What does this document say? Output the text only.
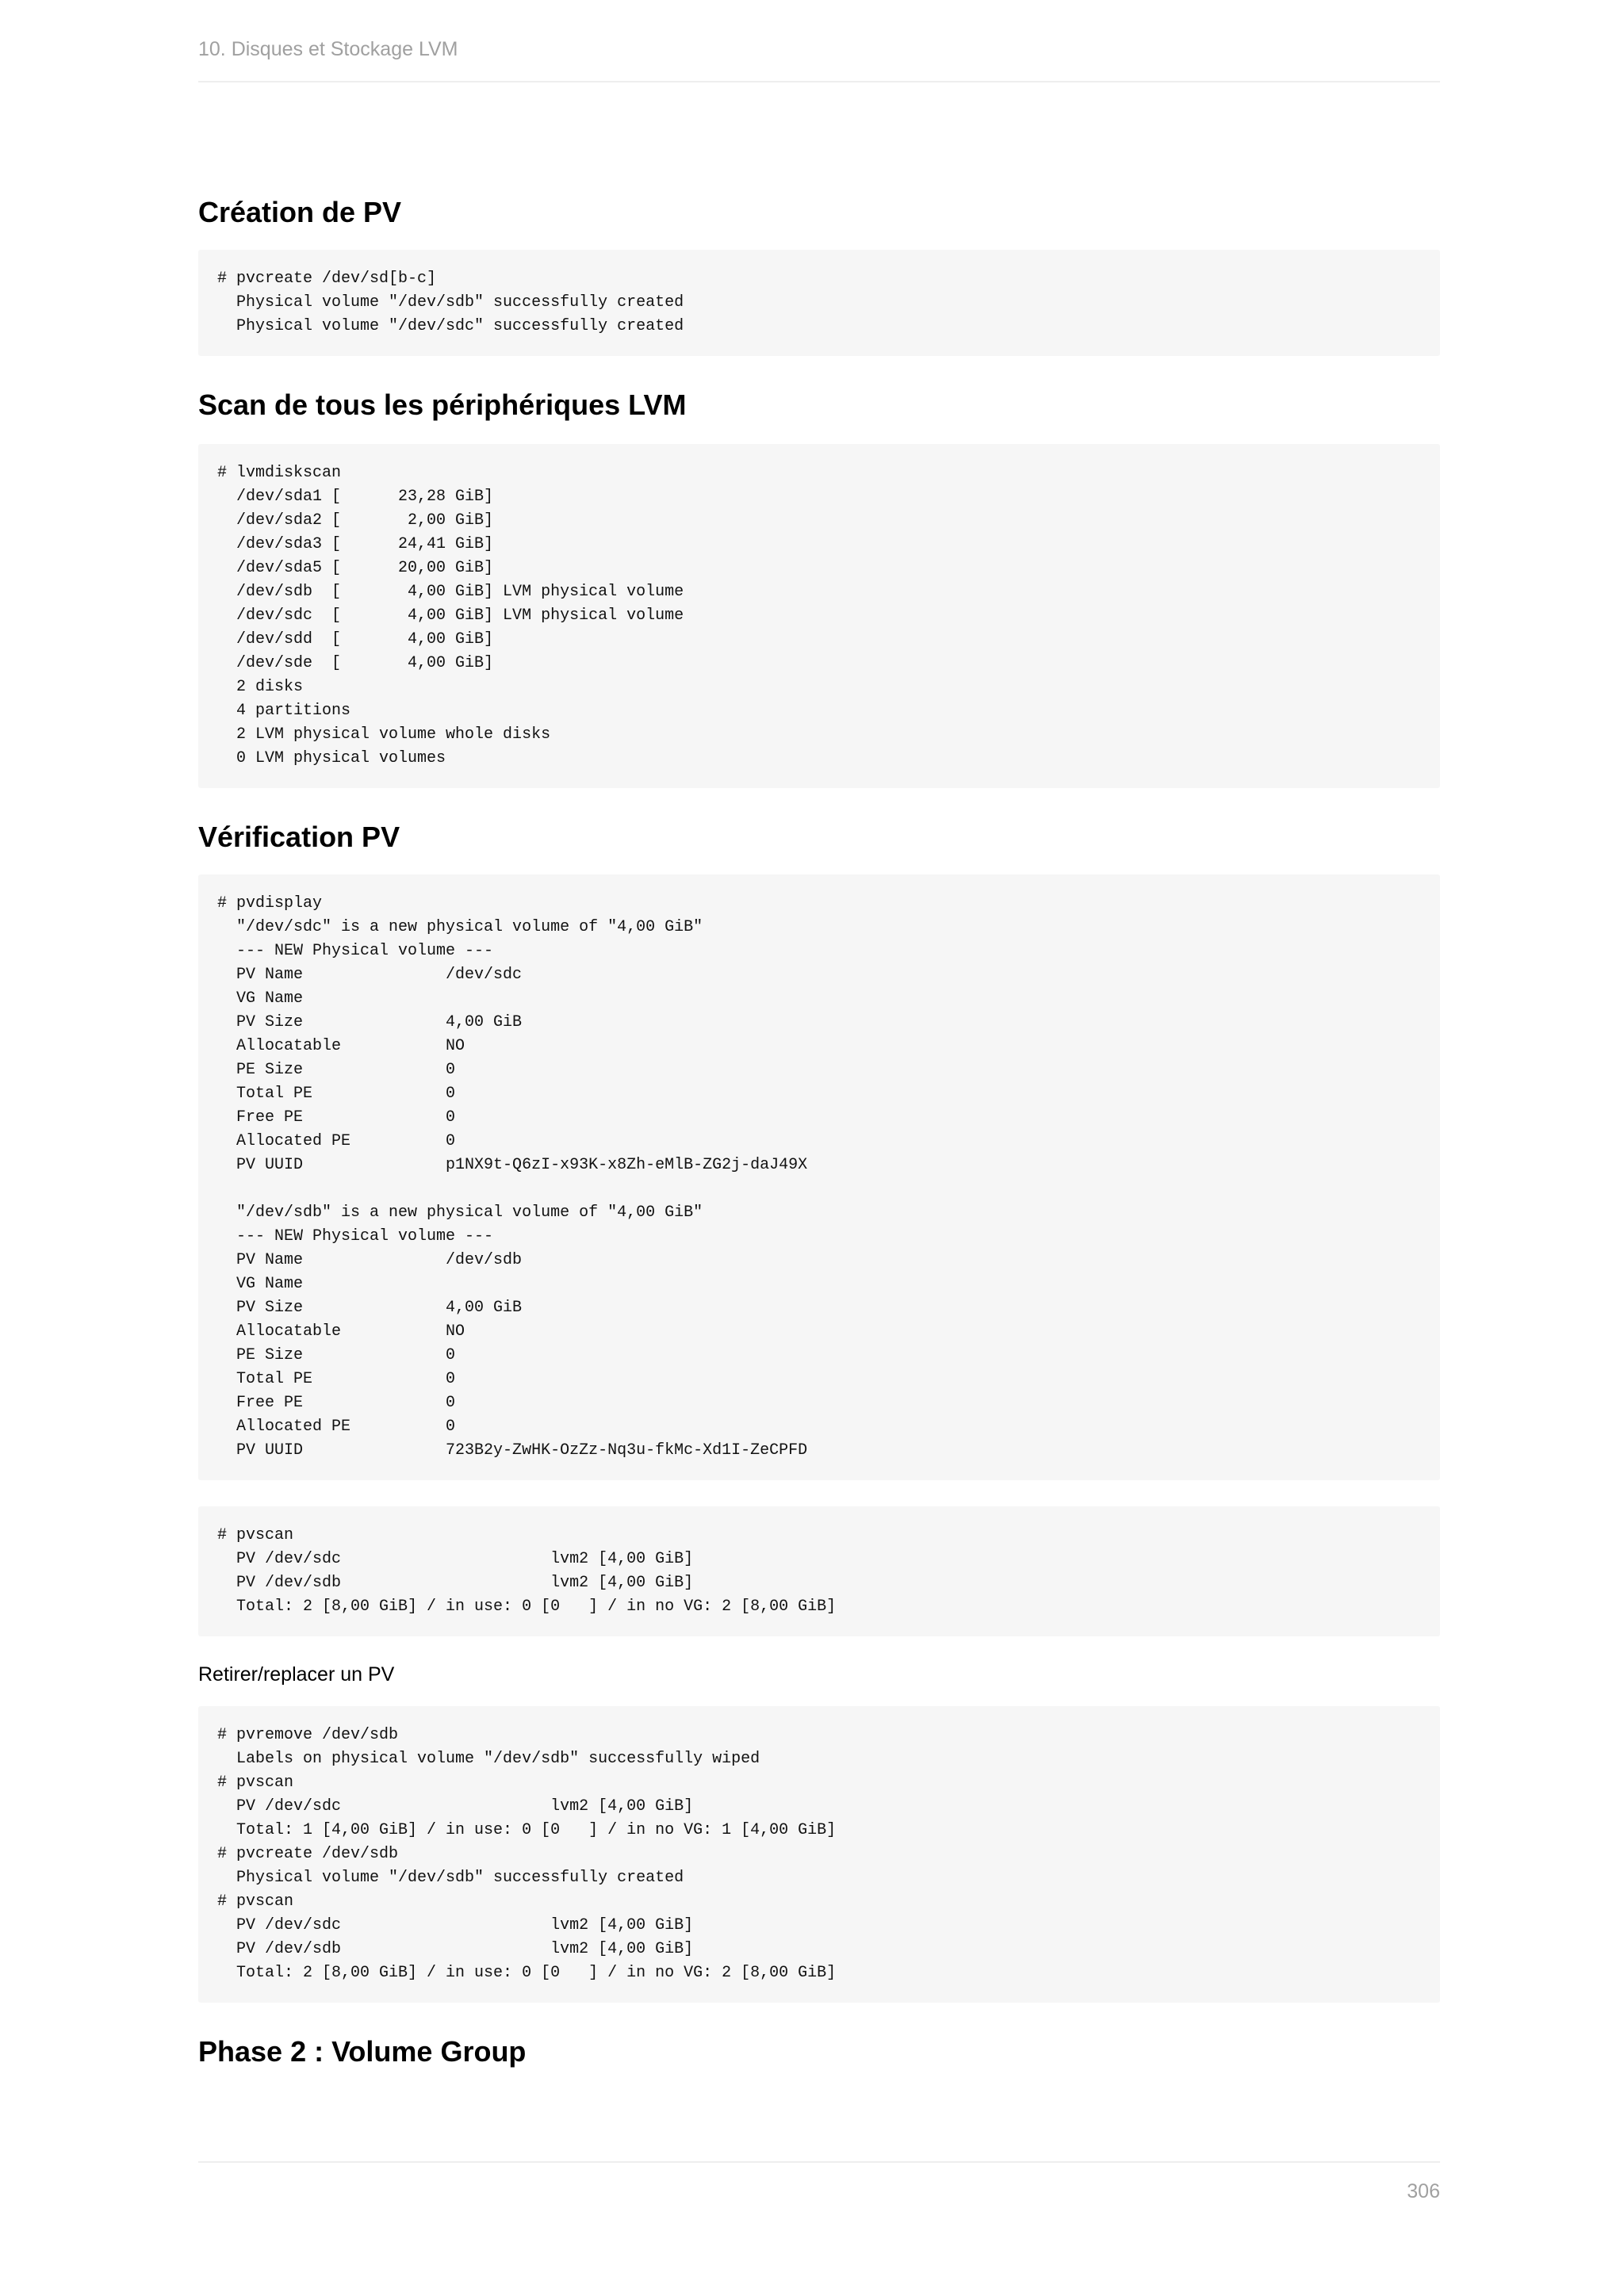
10. Disques et Stockage LVM
Création de PV
# pvcreate /dev/sd[b-c]
Physical volume "/dev/sdb" successfully created
Physical volume "/dev/sdc" successfully created
Scan de tous les périphériques LVM
# lvmdiskscan
/dev/sda1 [      23,28 GiB]
/dev/sda2 [       2,00 GiB]
/dev/sda3 [      24,41 GiB]
/dev/sda5 [      20,00 GiB]
/dev/sdb  [       4,00 GiB] LVM physical volume
/dev/sdc  [       4,00 GiB] LVM physical volume
/dev/sdd  [       4,00 GiB]
/dev/sde  [       4,00 GiB]
2 disks
4 partitions
2 LVM physical volume whole disks
0 LVM physical volumes
Vérification PV
# pvdisplay
"/dev/sdc" is a new physical volume of "4,00 GiB"
--- NEW Physical volume ---
PV Name               /dev/sdc
VG Name
PV Size               4,00 GiB
Allocatable           NO
PE Size               0
Total PE              0
Free PE               0
Allocated PE          0
PV UUID               p1NX9t-Q6zI-x93K-x8Zh-eMlB-ZG2j-daJ49X

"/dev/sdb" is a new physical volume of "4,00 GiB"
--- NEW Physical volume ---
PV Name               /dev/sdb
VG Name
PV Size               4,00 GiB
Allocatable           NO
PE Size               0
Total PE              0
Free PE               0
Allocated PE          0
PV UUID               723B2y-ZwHK-OzZz-Nq3u-fkMc-Xd1I-ZeCPFD
# pvscan
PV /dev/sdc                      lvm2 [4,00 GiB]
PV /dev/sdb                      lvm2 [4,00 GiB]
Total: 2 [8,00 GiB] / in use: 0 [0   ] / in no VG: 2 [8,00 GiB]

Retirer/replacer un PV

# pvremove /dev/sdb
Labels on physical volume "/dev/sdb" successfully wiped
# pvscan
PV /dev/sdc                      lvm2 [4,00 GiB]
Total: 1 [4,00 GiB] / in use: 0 [0   ] / in no VG: 1 [4,00 GiB]
# pvcreate /dev/sdb
Physical volume "/dev/sdb" successfully created
# pvscan
PV /dev/sdc                      lvm2 [4,00 GiB]
PV /dev/sdb                      lvm2 [4,00 GiB]
Total: 2 [8,00 GiB] / in use: 0 [0   ] / in no VG: 2 [8,00 GiB]
Phase 2 : Volume Group
306
